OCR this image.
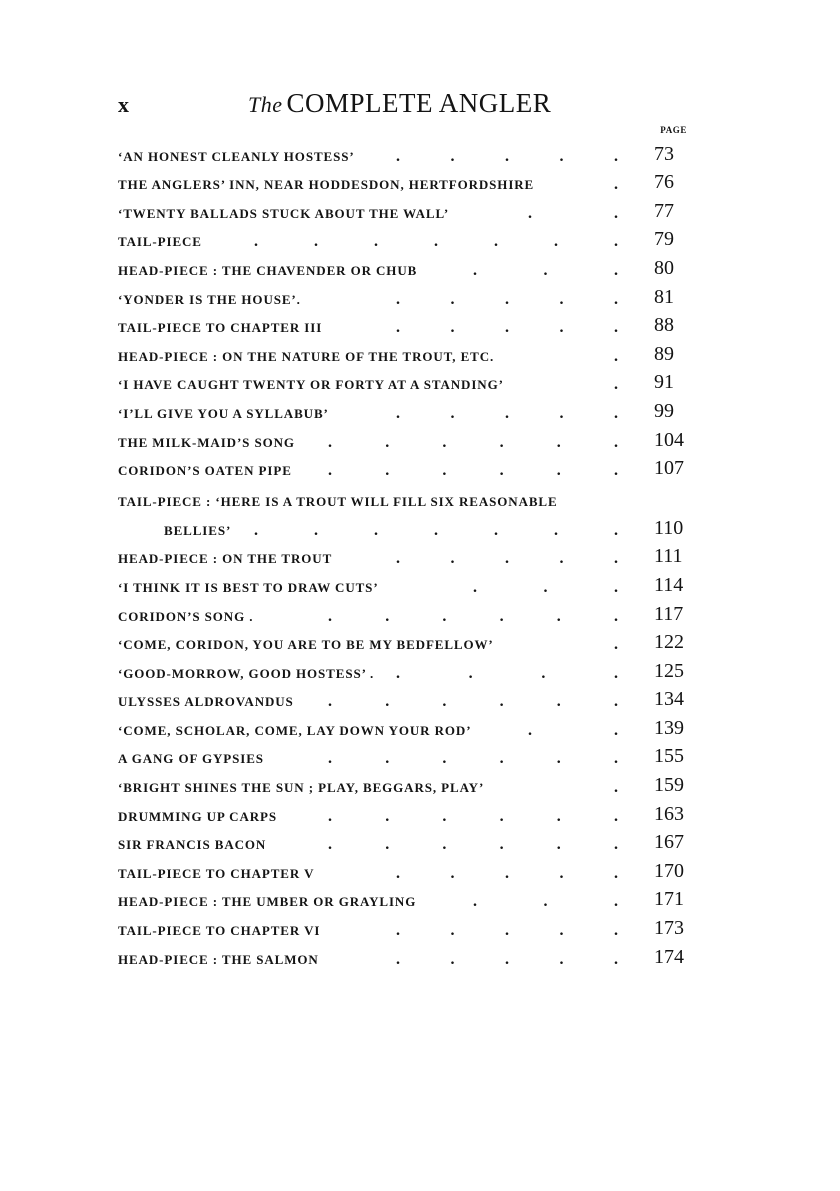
x	The COMPLETE ANGLER
PAGE
‘AN HONEST CLEANLY HOSTESS’	.	.	.	.	. 73
THE ANGLERS’ INN, NEAR HODDESDON, HERTFORDSHIRE	. 76
‘TWENTY BALLADS STUCK ABOUT THE WALL’	.	. 77
TAIL-PIECE	.	.	.	.	.	.	. 79
HEAD-PIECE : THE CHAVENDER OR CHUB	.	.	. 80
‘YONDER IS THE HOUSE’.	.	.	.	.	. 81
TAIL-PIECE TO CHAPTER III	.	.	.	.	. 88
HEAD-PIECE : ON THE NATURE OF THE TROUT, ETC.	. 89
‘I HAVE CAUGHT TWENTY OR FORTY AT A STANDING’	. 91
‘I’LL GIVE YOU A SYLLABUB’	.	.	.	.	. 99
THE MILK-MAID’S SONG .	.	.	.	.	. 104
CORIDON’S OATEN PIPE .	.	.	.	.	. 107
TAIL-PIECE : ‘HERE IS A TROUT WILL FILL SIX REASONABLE
BELLIES’ .	.	.	.	.	.	. 110
HEAD-PIECE : ON THE TROUT	.	.	.	.	. 111
‘I THINK IT IS BEST TO DRAW CUTS’	.	.	. 114
CORIDON’S SONG .	.	.	.	.	.	. 117
‘COME, CORIDON, YOU ARE TO BE MY BEDFELLOW’	. 122
‘GOOD-MORROW, GOOD HOSTESS’ . .	.	.	. 125
ULYSSES ALDROVANDUS .	.	.	.	.	. 134
‘COME, SCHOLAR, COME, LAY DOWN YOUR ROD’	.	. 139
A GANG OF GYPSIES	.	.	.	.	.	. 155
‘BRIGHT SHINES THE SUN ; PLAY, BEGGARS, PLAY’	. 159
DRUMMING UP CARPS	.	.	.	.	.	. 163
SIR FRANCIS BACON	.	.	.	.	.	. 167
TAIL-PIECE TO CHAPTER V	.	.	.	.	. 170
HEAD-PIECE : THE UMBER OR GRAYLING	.	.	. 171
TAIL-PIECE TO CHAPTER VI	.	.	.	.	. 173
HEAD-PIECE : THE SALMON	.	.	.	.	. 174
